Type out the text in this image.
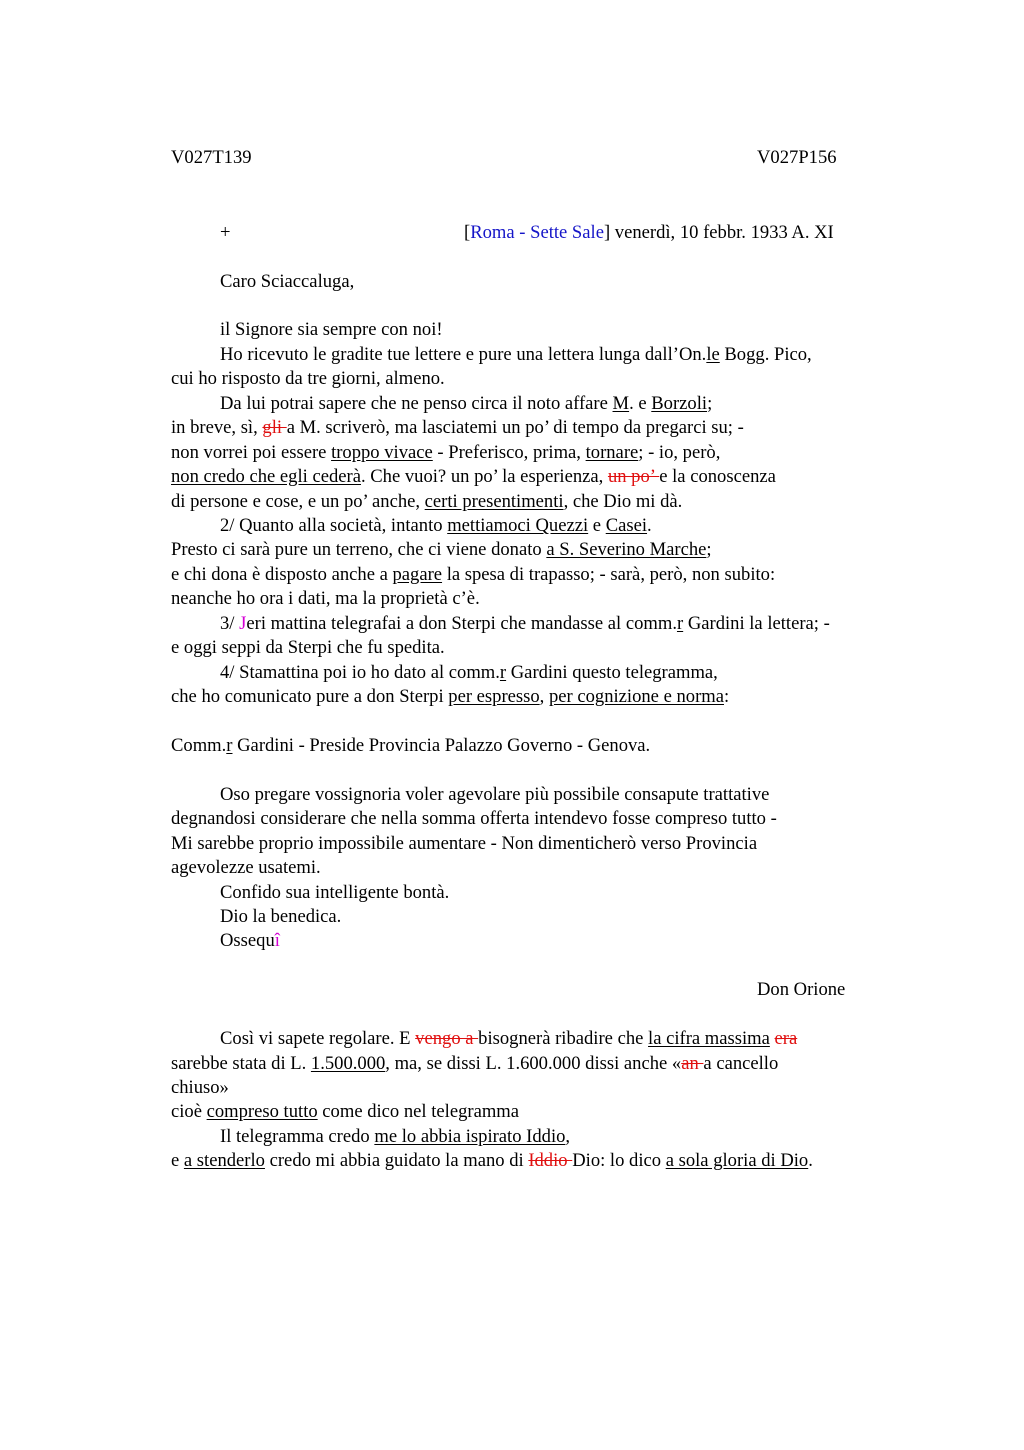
V027T139	V027P156
+	[Roma - Sette Sale] venerdì, 10 febbr. 1933 A. XI
Caro Sciaccaluga,
il Signore sia sempre con noi!
Ho ricevuto le gradite tue lettere e pure una lettera lunga dall’On.le Bogg. Pico,
cui ho risposto da tre giorni, almeno.
Da lui potrai sapere che ne penso circa il noto affare M. e Borzoli;
in breve, sì, gli a M. scriverò, ma lasciatemi un po’ di tempo da pregarci su; -
non vorrei poi essere troppo vivace - Preferisco, prima, tornare; - io, però,
non credo che egli cederà. Che vuoi? un po’ la esperienza, un po’ e la conoscenza
di persone e cose, e un po’ anche, certi presentimenti, che Dio mi dà.
2/ Quanto alla società, intanto mettiamoci Quezzi e Casei.
Presto ci sarà pure un terreno, che ci viene donato a S. Severino Marche;
e chi dona è disposto anche a pagare la spesa di trapasso; - sarà, però, non subito:
neanche ho ora i dati, ma la proprietà c’è.
3/ Jeri mattina telegrafai a don Sterpi che mandasse al comm.r Gardini la lettera; -
e oggi seppi da Sterpi che fu spedita.
4/ Stamattina poi io ho dato al comm.r Gardini questo telegramma,
che ho comunicato pure a don Sterpi per espresso, per cognizione e norma:
Comm.r Gardini - Preside Provincia Palazzo Governo - Genova.
Oso pregare vossignoria voler agevolare più possibile consapute trattative
degnandosi considerare che nella somma offerta intendevo fosse compreso tutto -
Mi sarebbe proprio impossibile aumentare - Non dimenticherò verso Provincia
agevolezze usatemi.
Confido sua intelligente bontà.
Dio la benedica.
Ossequî
Don Orione
Così vi sapete regolare. E vengo a bisognerà ribadire che la cifra massima era
sarebbe stata di L. 1.500.000, ma, se dissi L. 1.600.000 dissi anche «an a cancello
chiuso»
cioè compreso tutto come dico nel telegramma
Il telegramma credo me lo abbia ispirato Iddio,
e a stenderlo credo mi abbia guidato la mano di Iddio Dio: lo dico a sola gloria di Dio.
